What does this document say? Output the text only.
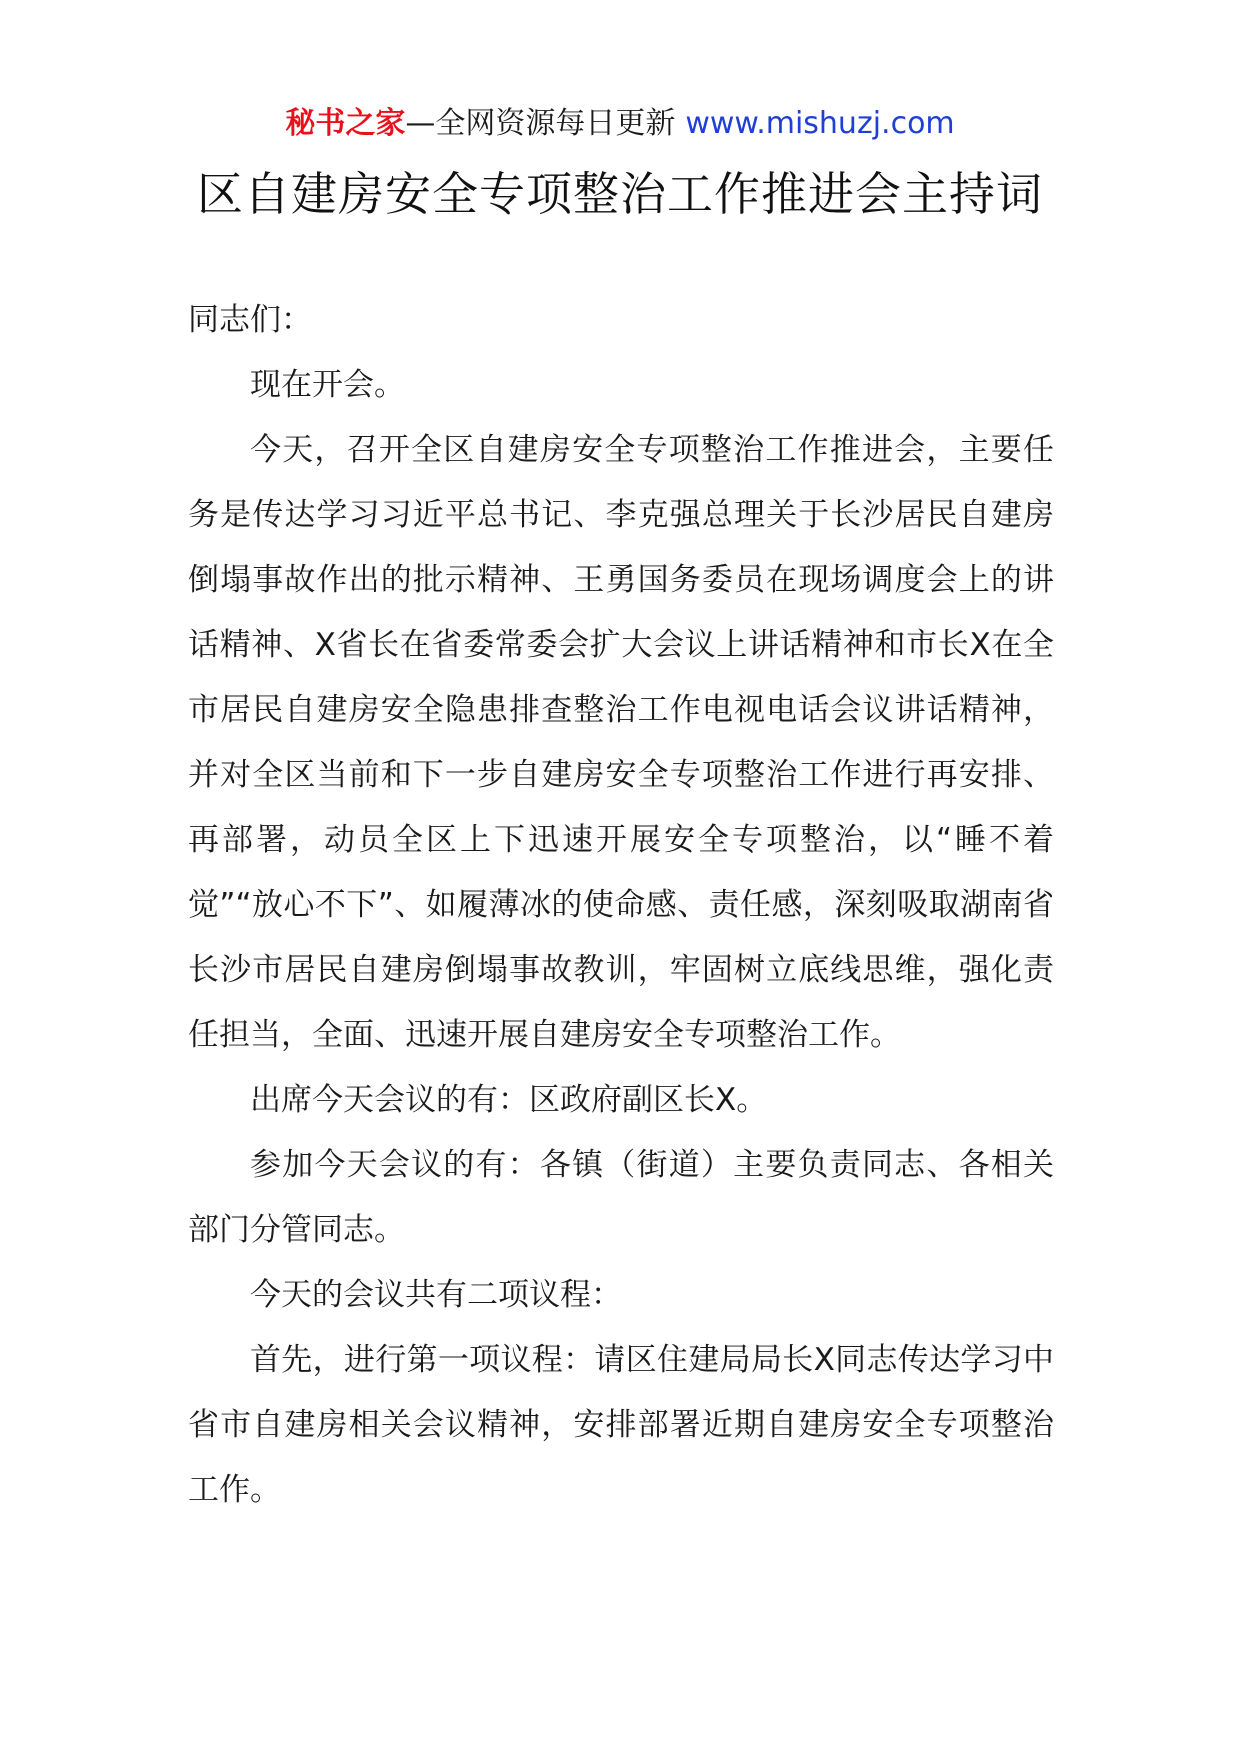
秘书之家—全网资源每日更新 www.mishuzj.com
区自建房安全专项整治工作推进会主持词

同志们：

现在开会。

今天，召开全区自建房安全专项整治工作推进会，主要任务是传达学习习近平总书记、李克强总理关于长沙居民自建房倒塌事故作出的批示精神、王勇国务委员在现场调度会上的讲话精神、X省长在省委常委会扩大会议上讲话精神和市长X在全市居民自建房安全隐患排查整治工作电视电话会议讲话精神，并对全区当前和下一步自建房安全专项整治工作进行再安排、再部署，动员全区上下迅速开展安全专项整治，以“睡不着觉”“放心不下”、如履薄冰的使命感、责任感，深刻吸取湖南省长沙市居民自建房倒塌事故教训，牢固树立底线思维，强化责任担当，全面、迅速开展自建房安全专项整治工作。

出席今天会议的有：区政府副区长X。

参加今天会议的有：各镇（街道）主要负责同志、各相关部门分管同志。

今天的会议共有二项议程：

首先，进行第一项议程：请区住建局局长X同志传达学习中省市自建房相关会议精神，安排部署近期自建房安全专项整治工作。
